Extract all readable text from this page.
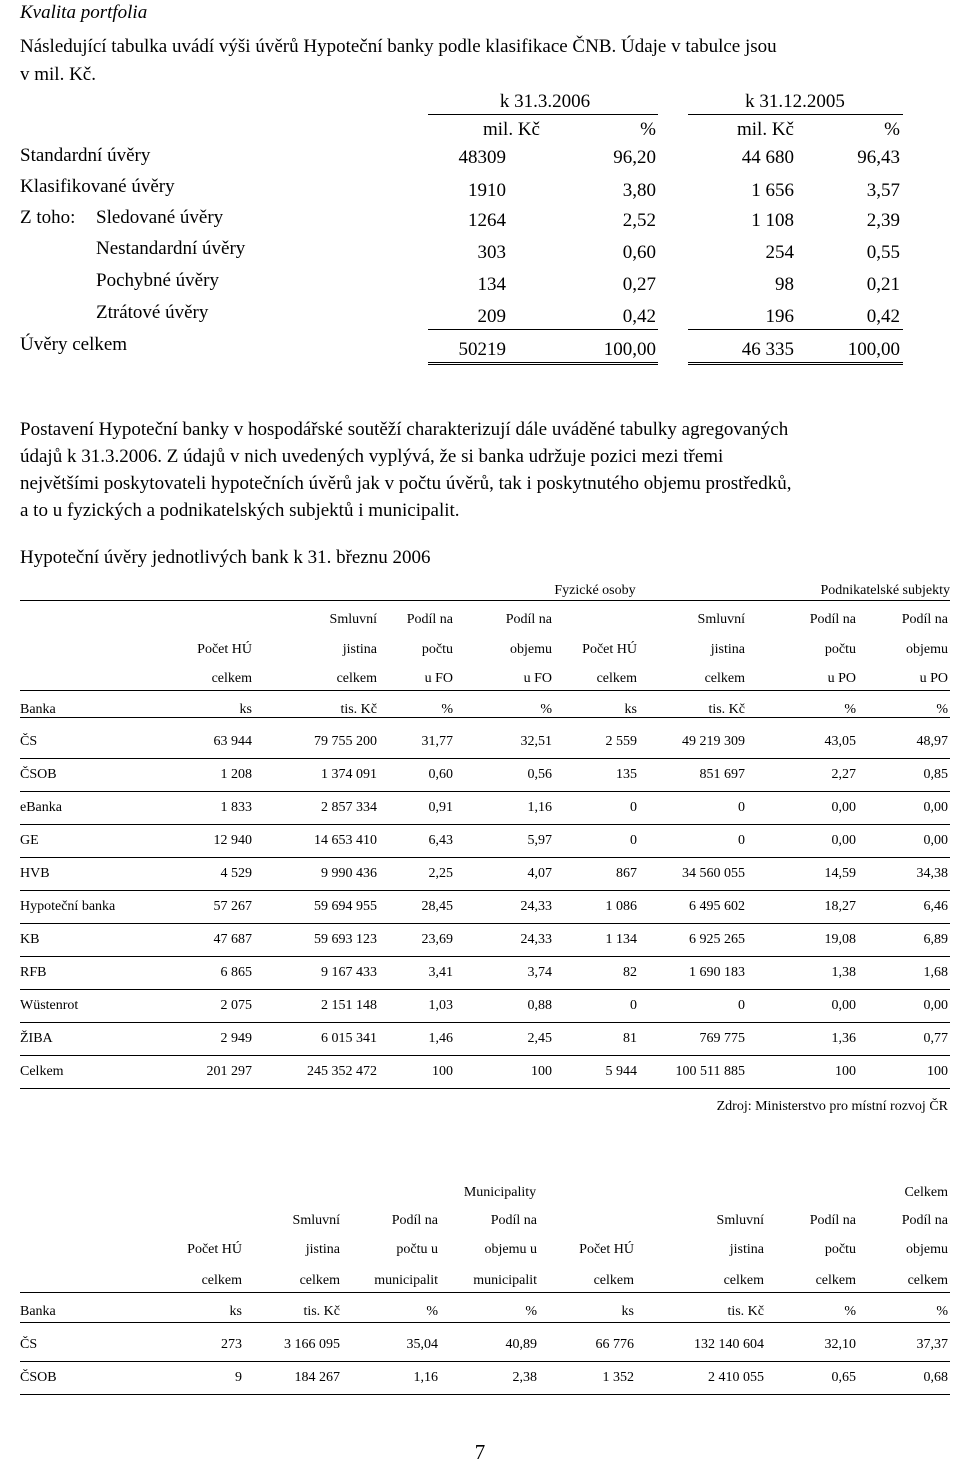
Kvalita portfolia
Následující tabulka uvádí výši úvěrů Hypoteční banky podle klasifikace ČNB. Údaje v tabulce jsou
v mil. Kč.
k 31.3.2006	k 31.12.2005
mil. Kč	%	mil. Kč	%
Standardní úvěry	48309	96,20	44 680	96,43
Klasifikované úvěry	1910	3,80	1 656	3,57
Z toho: Sledované úvěry	1264	2,52	1 108	2,39
Nestandardní úvěry	303	0,60	254	0,55
Pochybné úvěry	134	0,27	98	0,21
Ztrátové úvěry	209	0,42	196	0,42
Úvěry celkem	50219	100,00	46 335	100,00
Postavení Hypoteční banky v hospodářské soutěží charakterizují dále uváděné tabulky agregovaných
údajů k 31.3.2006. Z údajů v nich uvedených vyplývá, že si banka udržuje pozici mezi třemi
největšími poskytovateli hypotečních úvěrů jak v počtu úvěrů, tak i poskytnutého objemu prostředků,
a to u fyzických a podnikatelských subjektů i municipalit.
Hypoteční úvěry jednotlivých bank k 31. březnu 2006
Fyzické osoby	Podnikatelské subjekty
Smluvní	Podíl na	Podíl na	Smluvní	Podíl na	Podíl na
Počet HÚ	jistina	počtu	objemu	Počet HÚ	jistina	počtu	objemu
celkem	celkem	u FO	u FO	celkem	celkem	u PO	u PO
Banka	ks	tis. Kč	%	%	ks	tis. Kč	%	%
ČS	63 944	79 755 200	31,77	32,51	2 559	49 219 309	43,05	48,97
ČSOB	1 208	1 374 091	0,60	0,56	135	851 697	2,27	0,85
eBanka	1 833	2 857 334	0,91	1,16	0	0	0,00	0,00
GE	12 940	14 653 410	6,43	5,97	0	0	0,00	0,00
HVB	4 529	9 990 436	2,25	4,07	867	34 560 055	14,59	34,38
Hypoteční banka	57 267	59 694 955	28,45	24,33	1 086	6 495 602	18,27	6,46
KB	47 687	59 693 123	23,69	24,33	1 134	6 925 265	19,08	6,89
RFB	6 865	9 167 433	3,41	3,74	82	1 690 183	1,38	1,68
Wüstenrot	2 075	2 151 148	1,03	0,88	0	0	0,00	0,00
ŽIBA	2 949	6 015 341	1,46	2,45	81	769 775	1,36	0,77
Celkem	201 297	245 352 472	100	100	5 944	100 511 885	100	100
Zdroj: Ministerstvo pro místní rozvoj ČR
Municipality	Celkem
Smluvní	Podíl na	Podíl na	Smluvní	Podíl na	Podíl na
Počet HÚ	jistina	počtu u	objemu u	Počet HÚ	jistina	počtu	objemu
celkem	celkem	municipalit	municipalit	celkem	celkem	celkem	celkem
Banka	ks	tis. Kč	%	%	ks	tis. Kč	%	%
ČS	273	3 166 095	35,04	40,89	66 776	132 140 604	32,10	37,37
ČSOB	9	184 267	1,16	2,38	1 352	2 410 055	0,65	0,68
7
